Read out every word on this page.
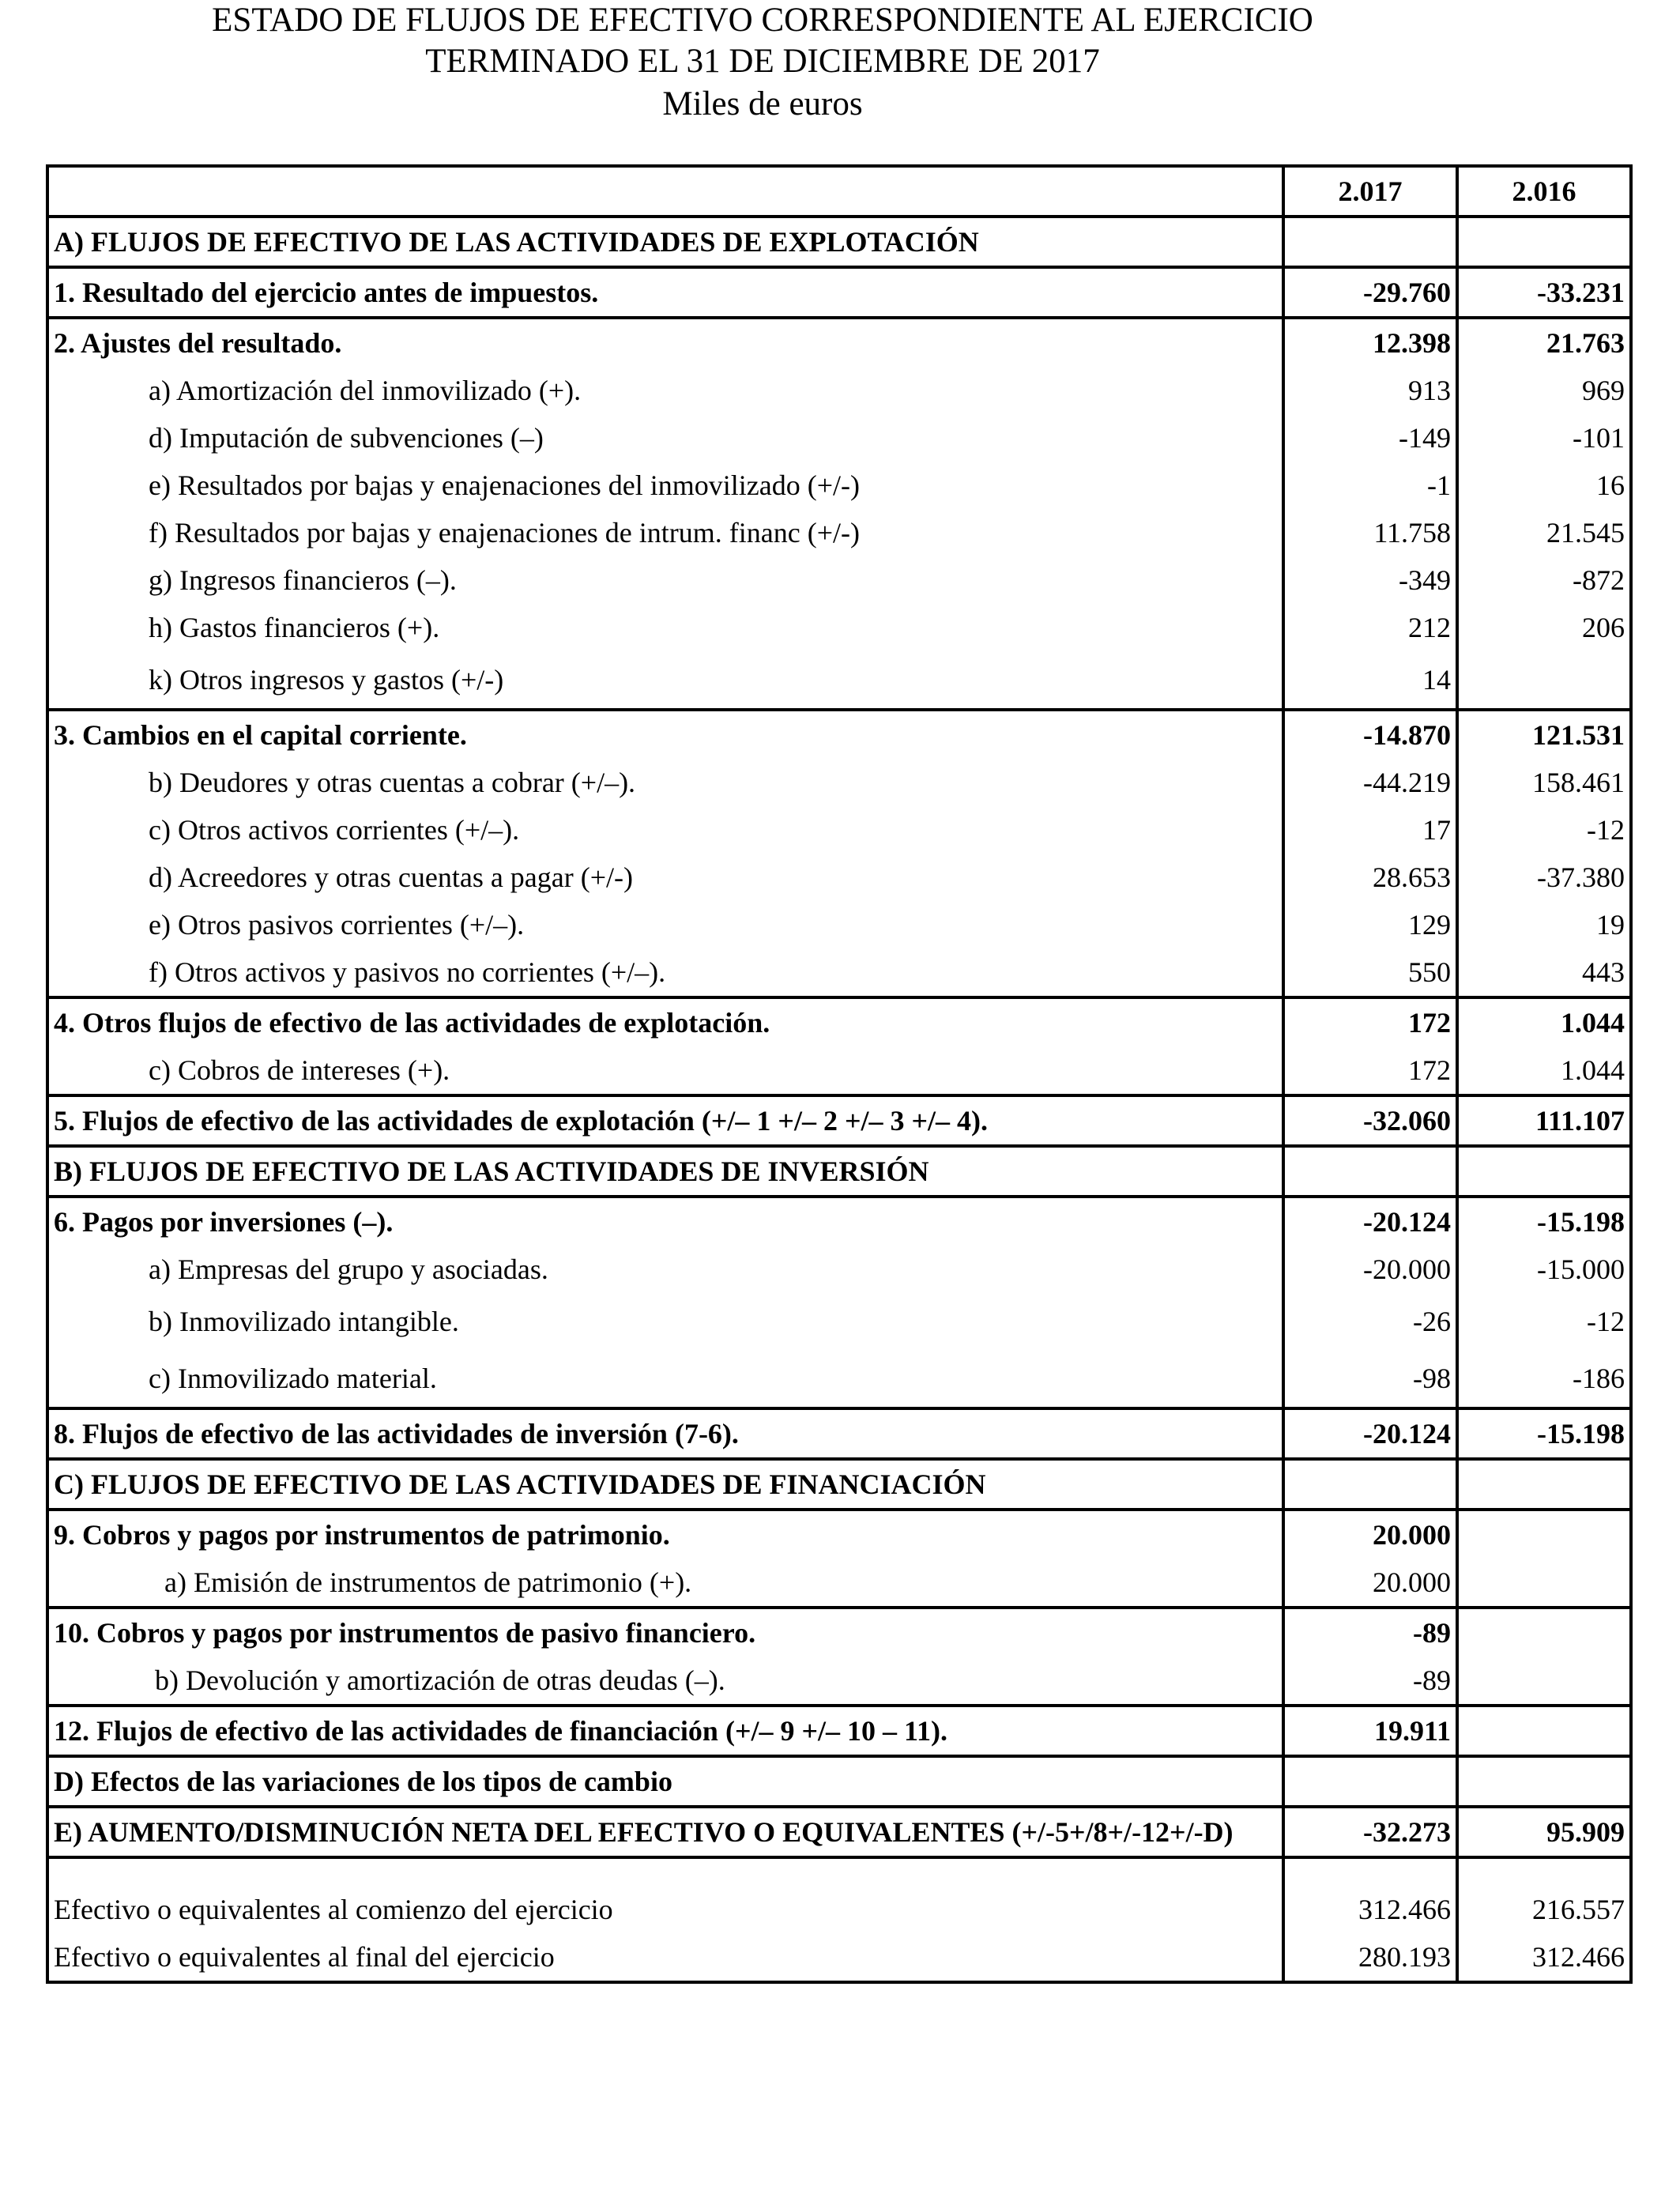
ESTADO DE FLUJOS DE EFECTIVO CORRESPONDIENTE AL EJERCICIO
TERMINADO EL 31 DE DICIEMBRE DE 2017
Miles de euros
	2.017	2.016
A) FLUJOS DE EFECTIVO DE LAS ACTIVIDADES DE EXPLOTACIÓN		
1. Resultado del ejercicio antes de impuestos.	-29.760	-33.231
2. Ajustes del resultado.	12.398	21.763
a) Amortización del inmovilizado (+).	913	969
d) Imputación de subvenciones (–)	-149	-101
e) Resultados por bajas y enajenaciones del inmovilizado (+/-)	-1	16
f) Resultados por bajas y enajenaciones de intrum. financ (+/-)	11.758	21.545
g) Ingresos financieros (–).	-349	-872
h) Gastos financieros (+).	212	206
k) Otros ingresos y gastos (+/-)	14	
3. Cambios en el capital corriente.	-14.870	121.531
b) Deudores y otras cuentas a cobrar (+/–).	-44.219	158.461
c) Otros activos corrientes (+/–).	17	-12
d) Acreedores y otras cuentas a pagar (+/-)	28.653	-37.380
e) Otros pasivos corrientes (+/–).	129	19
f) Otros activos y pasivos no corrientes (+/–).	550	443
4. Otros flujos de efectivo de las actividades de explotación.	172	1.044
c) Cobros de intereses (+).	172	1.044
5. Flujos de efectivo de las actividades de explotación (+/– 1 +/– 2 +/– 3 +/– 4).	-32.060	111.107
B) FLUJOS DE EFECTIVO DE LAS ACTIVIDADES DE INVERSIÓN		
6. Pagos por inversiones (–).	-20.124	-15.198
a) Empresas del grupo y asociadas.	-20.000	-15.000
b) Inmovilizado intangible.	-26	-12
c) Inmovilizado material.	-98	-186
8. Flujos de efectivo de las actividades de inversión (7-6).	-20.124	-15.198
C) FLUJOS DE EFECTIVO DE LAS ACTIVIDADES DE FINANCIACIÓN		
9. Cobros y pagos por instrumentos de patrimonio.	20.000	
a) Emisión de instrumentos de patrimonio (+).	20.000	
10. Cobros y pagos por instrumentos de pasivo financiero.	-89	
b) Devolución y amortización de otras deudas (–).	-89	
12. Flujos de efectivo de las actividades de financiación (+/– 9 +/– 10 – 11).	19.911	
D) Efectos de las variaciones de los tipos de cambio		
E) AUMENTO/DISMINUCIÓN NETA DEL EFECTIVO O EQUIVALENTES (+/-5+/8+/-12+/-D)	-32.273	95.909

Efectivo o equivalentes al comienzo del ejercicio	312.466	216.557
Efectivo o equivalentes al final del ejercicio	280.193	312.466
